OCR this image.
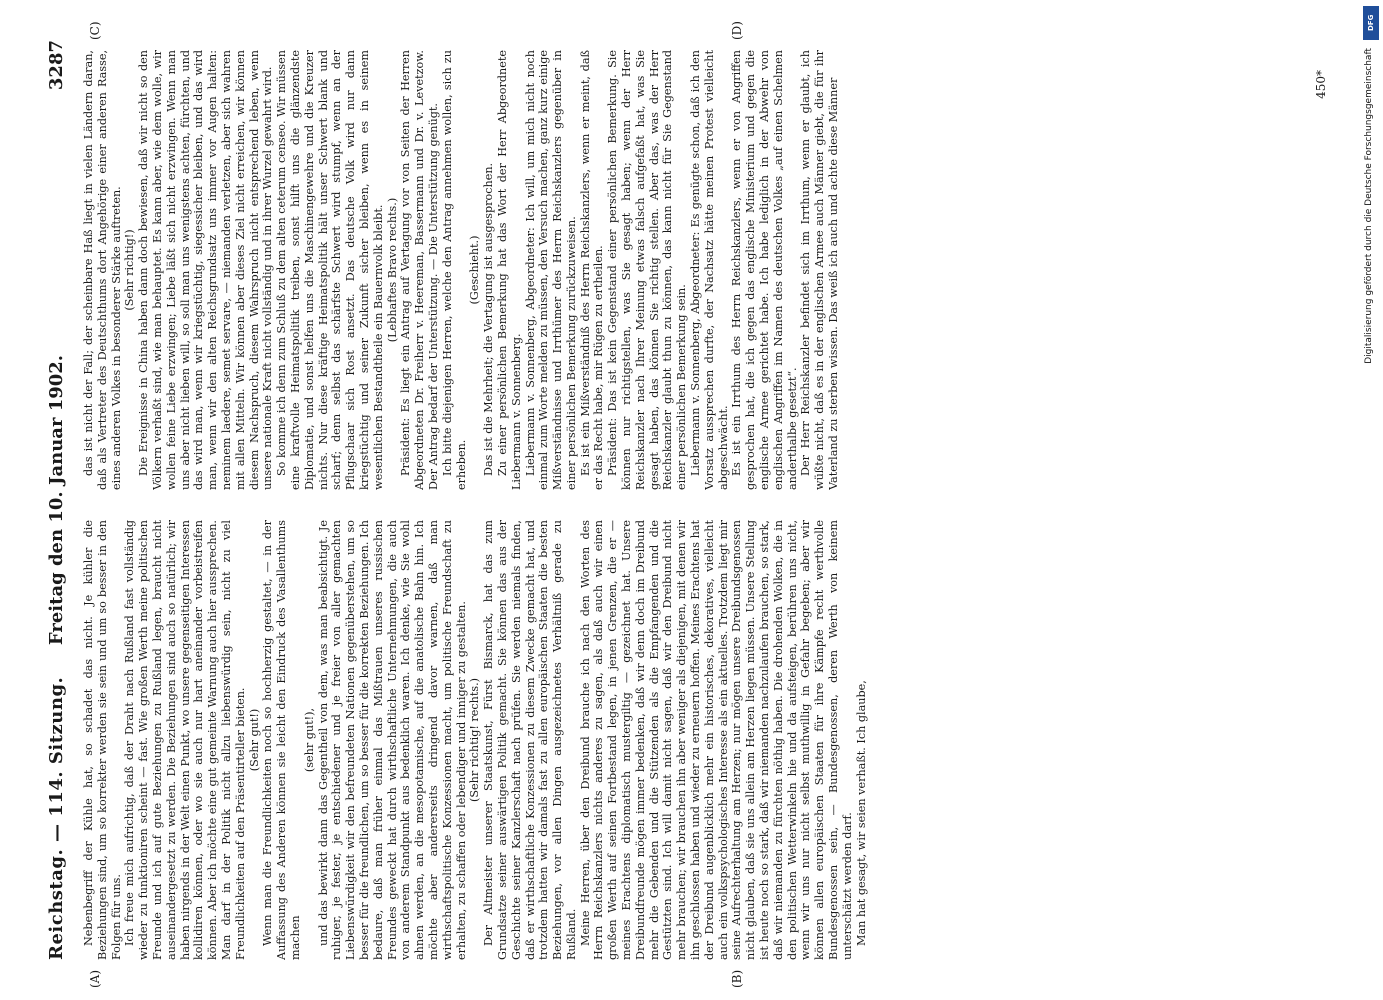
Reichstag. — 114. Sitzung.
Freitag den 10. Januar 1902.
3287

Nebenbegriff der Kühle hat, so schadet das nicht. Je kühler die Beziehungen sind, um so korrekter werden sie sein und um so besser in den Folgen für uns. Ich freue mich aufrichtig, daß der Draht nach Rußland fast vollständig wieder zu funktioniren scheint — fast. Wie großen Werth meine politischen Freunde und ich auf gute Beziehungen zu Rußland legen, braucht nicht auseinandergesetzt zu werden. Die Beziehungen sind auch so natürlich; wir haben nirgends in der Welt einen Punkt, wo unsere gegenseitigen Interessen kollidiren können, oder wo sie auch nur hart aneinander vorbeistreifen können. Aber ich möchte eine gut gemeinte Warnung auch hier aussprechen. Man darf in der Politik nicht allzu liebenswürdig sein, nicht zu viel Freundlichkeiten auf den Präsentirteller bieten. (Sehr gut!) Wenn man die Freundlichkeiten noch so hochherzig gestaltet, — in der Auffassung des Anderen können sie leicht den Eindruck des Vasallenthums machen

(sehr gut!), und das bewirkt dann das Gegentheil von dem, was man beabsichtigt. Je ruhiger, je fester, je entschiedener und je freier von aller gemachten Liebenswürdigkeit wir den befreundeten Nationen gegenüberstehen, um so besser für die freundlichen, um so besser für die korrekten Beziehungen. Ich bedaure, daß man früher einmal das Mißtrauen unseres russischen Freundes geweckt hat durch wirthschaftliche Unternehmungen, die auch von anderem Standpunkt aus bedenklich waren. Ich denke, wie Sie wohl ahnen werden, an die mesopotamische, auf die anatolische Bahn hin. Ich möchte aber andererseits dringend davor warnen, daß man wirthschaftspolitische Konzessionen macht, um politische Freundschaft zu erhalten, zu schaffen oder lebendiger und inniger zu gestalten. (Sehr richtig! rechts.) Der Altmeister unserer Staatskunst, Fürst Bismarck, hat das zum Grundsatze seiner auswärtigen Politik gemacht. Sie können das aus der Geschichte seiner Kanzlerschaft nach prüfen. Sie werden niemals finden, daß er wirthschaftliche Konzessionen zu diesem Zwecke gemacht hat, und trotzdem hatten wir damals fast zu allen europäischen Staaten die besten Beziehungen, vor allen Dingen ausgezeichnetes Verhältniß gerade zu Rußland. Meine Herren, über den Dreibund brauche ich nach den Worten des Herrn Reichskanzlers nichts anderes zu sagen, als daß auch wir einen großen Werth auf seinen Fortbestand legen, in jenen Grenzen, die er — meines Erachtens diplomatisch mustergiltig — gezeichnet hat. Unsere Dreibundfreunde mögen immer bedenken, daß wir denn doch im Dreibund mehr die Gebenden und die Stützenden als die Empfangenden und die Gestützten sind. Ich will damit nicht sagen, daß wir den Dreibund nicht mehr brauchen; wir brauchen ihn aber weniger als diejenigen, mit denen wir ihn geschlossen haben und wieder zu erneuern hoffen. Meines Erachtens hat der Dreibund augenblicklich mehr ein historisches, dekoratives, vielleicht auch ein volkspsychologisches Interesse als ein aktuelles. Trotzdem liegt mir seine Aufrechterhaltung am Herzen; nur mögen unsere Dreibundsgenossen nicht glauben, daß sie uns allein am Herzen liegen müssen. Unsere Stellung ist heute noch so stark, daß wir niemanden nachzulaufen brauchen, so stark, daß wir niemanden zu fürchten nöthig haben. Die drohenden Wolken, die in den politischen Wetterwinkeln hie und da aufsteigen, berühren uns nicht, wenn wir uns nur nicht selbst muthwillig in Gefahr begeben; aber wir können allen europäischen Staaten für ihre Kämpfe recht werthvolle Bundesgenossen sein, — Bundesgenossen, deren Werth von keinem unterschätzt werden darf. Man hat gesagt, wir seien verhaßt. Ich glaube,

das ist nicht der Fall; der scheinbare Haß liegt in vielen Ländern daran, daß als Vertreter des Deutschthums dort Angehörige einer anderen Rasse, eines anderen Volkes in besonderer Stärke auftreten. (Sehr richtig!) Die Ereignisse in China haben dann doch bewiesen, daß wir nicht so den Völkern verhaßt sind, wie man behauptet. Es kann aber, wie dem wolle, wir wollen feine Liebe erzwingen; Liebe läßt sich nicht erzwingen. Wenn man uns aber nicht lieben will, so soll man uns wenigstens achten, fürchten, und das wird man, wenn wir kriegstüchtig, siegessicher bleiben, und das wird man, wenn wir den alten Reichsgrundsatz uns immer vor Augen halten: neminem laedere, semet servare, — niemanden verletzen, aber sich wahren mit allen Mitteln. Wir können aber dieses Ziel nicht erreichen, wir können diesem Nachspruch, diesem Wahrspruch nicht entsprechend leben, wenn unsere nationale Kraft nicht vollständig und in ihrer Wurzel gewahrt wird. So komme ich denn zum Schluß zu dem alten ceterum censeo. Wir müssen eine kraftvolle Heimatspolitik treiben, sonst hilft uns die glänzendste Diplomatie, und sonst helfen uns die Maschinengewehre und die Kreuzer nichts. Nur diese kräftige Heimatspolitik hält unser Schwert blank und scharf; denn selbst das schärfste Schwert wird stumpf, wenn an der Pflugschaar sich Rost ansetzt. Das deutsche Volk wird nur dann kriegstüchtig und seiner Zukunft sicher bleiben, wenn es in seinem wesentlichen Bestandtheile ein Bauernvolk bleibt. (Lebhaftes Bravo rechts.) Präsident: Es liegt ein Antrag auf Vertagung vor von Seiten der Herren Abgeordneten Dr. Freiherr v. Heereman, Bassermann und Dr. v. Levetzow. Der Antrag bedarf der Unterstützung. — Die Unterstützung genügt. Ich bitte diejenigen Herren, welche den Antrag annehmen wollen, sich zu erheben.

(Geschieht.) Das ist die Mehrheit; die Vertagung ist ausgesprochen. Zu einer persönlichen Bemerkung hat das Wort der Herr Abgeordnete Liebermann v. Sonnenberg. Liebermann v. Sonnenberg, Abgeordneter: Ich will, um mich nicht noch einmal zum Worte melden zu müssen, den Versuch machen, ganz kurz einige Mißverständnisse und Irrthümer des Herrn Reichskanzlers gegenüber in einer persönlichen Bemerkung zurückzuweisen. Es ist ein Mißverständniß des Herrn Reichskanzlers, wenn er meint, daß er das Recht habe, mir Rügen zu ertheilen. Präsident: Das ist kein Gegenstand einer persönlichen Bemerkung. Sie können nur richtigstellen, was Sie gesagt haben; wenn der Herr Reichskanzler nach Ihrer Meinung etwas falsch aufgefaßt hat, was Sie gesagt haben, das können Sie richtig stellen. Aber das, was der Herr Reichskanzler glaubt thun zu können, das kann nicht für Sie Gegenstand einer persönlichen Bemerkung sein. Liebermann v. Sonnenberg, Abgeordneter: Es genügte schon, daß ich den Vorsatz aussprechen durfte, der Nachsatz hätte meinen Protest vielleicht abgeschwächt. Es ist ein Irrthum des Herrn Reichskanzlers, wenn er von Angriffen gesprochen hat, die ich gegen das englische Ministerium und gegen die englische Armee gerichtet habe. Ich habe lediglich in der Abwehr von englischen Angriffen im Namen des deutschen Volkes „auf einen Schelmen anderthalbe gesetzt“. Der Herr Reichskanzler befindet sich im Irrthum, wenn er glaubt, ich wüßte nicht, daß es in der englischen Armee auch Männer giebt, die für ihr Vaterland zu sterben wissen. Das weiß ich auch und achte diese Männer

(A)	(B)
(C)	(D)
450*
DFG
Digitalisierung gefördert durch die Deutsche Forschungsgemeinschaft
